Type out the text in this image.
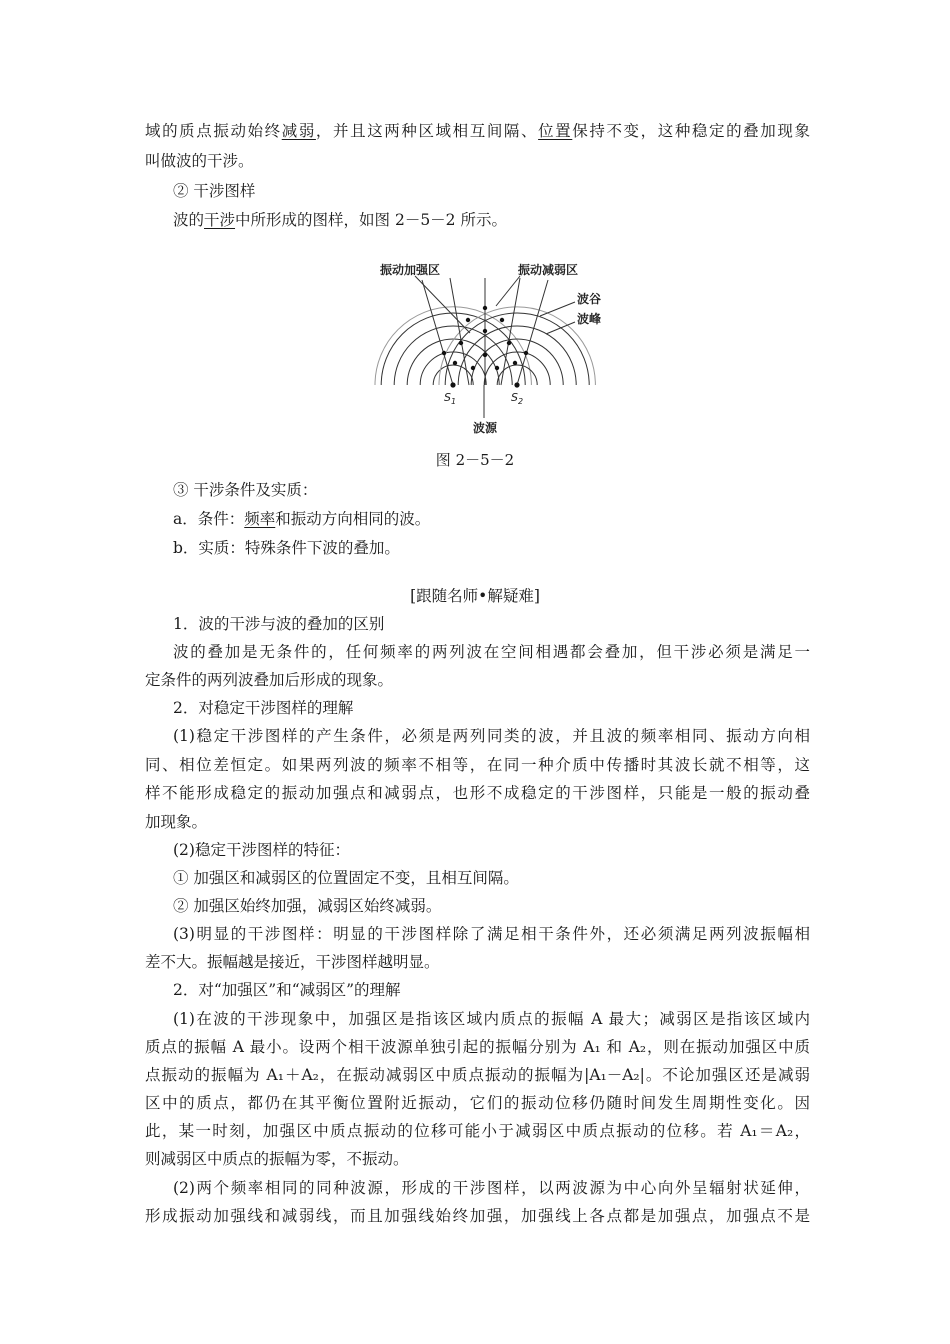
域的质点振动始终减弱，并且这两种区域相互间隔、位置保持不变，这种稳定的叠加现象
叫做波的干涉。
② 干涉图样
波的干涉中所形成的图样，如图 2－5－2 所示。
振动加强区	振动减弱区
波谷
波峰
$S_1$	$S_2$
波源
图 2－5－2
③ 干涉条件及实质：
a．条件：频率和振动方向相同的波。
b．实质：特殊条件下波的叠加。
[跟随名师•解疑难]
1．波的干涉与波的叠加的区别
波的叠加是无条件的，任何频率的两列波在空间相遇都会叠加，但干涉必须是满足一
定条件的两列波叠加后形成的现象。
2．对稳定干涉图样的理解
(1)稳定干涉图样的产生条件，必须是两列同类的波，并且波的频率相同、振动方向相
同、相位差恒定。如果两列波的频率不相等，在同一种介质中传播时其波长就不相等，这
样不能形成稳定的振动加强点和减弱点，也形不成稳定的干涉图样，只能是一般的振动叠
加现象。
(2)稳定干涉图样的特征：
① 加强区和减弱区的位置固定不变，且相互间隔。
② 加强区始终加强，减弱区始终减弱。
(3)明显的干涉图样：明显的干涉图样除了满足相干条件外，还必须满足两列波振幅相
差不大。振幅越是接近，干涉图样越明显。
2．对“加强区”和“减弱区”的理解
(1)在波的干涉现象中，加强区是指该区域内质点的振幅 A 最大；减弱区是指该区域内
质点的振幅 A 最小。设两个相干波源单独引起的振幅分别为 A₁ 和 A₂，则在振动加强区中质
点振动的振幅为 A₁＋A₂，在振动减弱区中质点振动的振幅为|A₁－A₂|。不论加强区还是减弱
区中的质点，都仍在其平衡位置附近振动，它们的振动位移仍随时间发生周期性变化。因
此，某一时刻，加强区中质点振动的位移可能小于减弱区中质点振动的位移。若 A₁＝A₂，
则减弱区中质点的振幅为零，不振动。
(2)两个频率相同的同种波源，形成的干涉图样，以两波源为中心向外呈辐射状延伸，
形成振动加强线和减弱线，而且加强线始终加强，加强线上各点都是加强点，加强点不是
